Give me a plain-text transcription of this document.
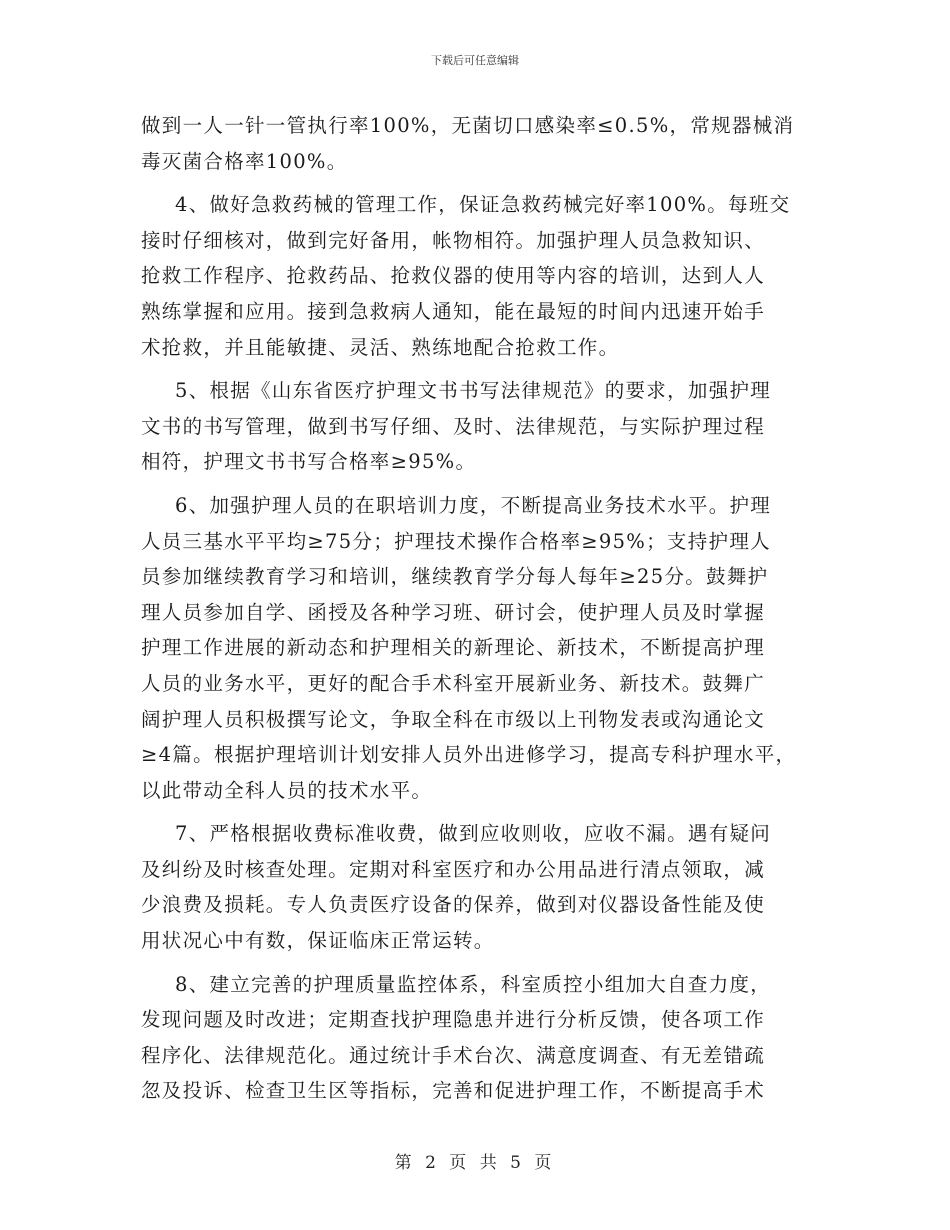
下载后可任意编辑
做到一人一针一管执行率100%，无菌切口感染率≤0.5%，常规器械消
毒灭菌合格率100%。
4、做好急救药械的管理工作，保证急救药械完好率100%。每班交
接时仔细核对，做到完好备用，帐物相符。加强护理人员急救知识、
抢救工作程序、抢救药品、抢救仪器的使用等内容的培训，达到人人
熟练掌握和应用。接到急救病人通知，能在最短的时间内迅速开始手
术抢救，并且能敏捷、灵活、熟练地配合抢救工作。
5、根据《山东省医疗护理文书书写法律规范》的要求，加强护理
文书的书写管理，做到书写仔细、及时、法律规范，与实际护理过程
相符，护理文书书写合格率≥95%。
6、加强护理人员的在职培训力度，不断提高业务技术水平。护理
人员三基水平平均≥75分；护理技术操作合格率≥95%；支持护理人
员参加继续教育学习和培训，继续教育学分每人每年≥25分。鼓舞护
理人员参加自学、函授及各种学习班、研讨会，使护理人员及时掌握
护理工作进展的新动态和护理相关的新理论、新技术，不断提高护理
人员的业务水平，更好的配合手术科室开展新业务、新技术。鼓舞广
阔护理人员积极撰写论文，争取全科在市级以上刊物发表或沟通论文
≥4篇。根据护理培训计划安排人员外出进修学习，提高专科护理水平，
以此带动全科人员的技术水平。
7、严格根据收费标准收费，做到应收则收，应收不漏。遇有疑问
及纠纷及时核查处理。定期对科室医疗和办公用品进行清点领取，减
少浪费及损耗。专人负责医疗设备的保养，做到对仪器设备性能及使
用状况心中有数，保证临床正常运转。
8、建立完善的护理质量监控体系，科室质控小组加大自查力度，
发现问题及时改进；定期查找护理隐患并进行分析反馈，使各项工作
程序化、法律规范化。通过统计手术台次、满意度调查、有无差错疏
忽及投诉、检查卫生区等指标，完善和促进护理工作，不断提高手术
第 2 页 共 5 页
